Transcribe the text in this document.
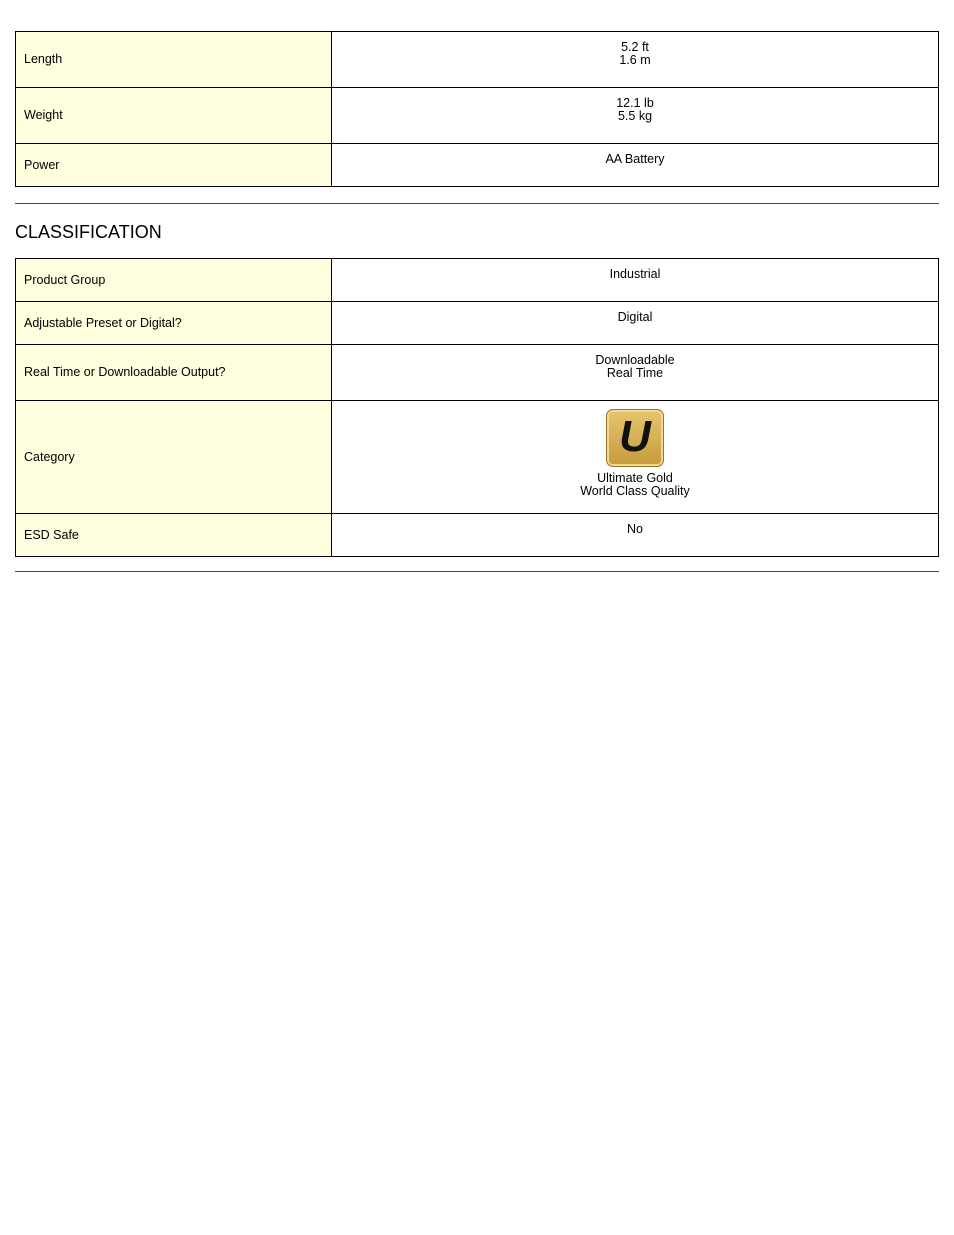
Length	5.2 ft
1.6 m

Weight	12.1 lb
5.5 kg

Power	AA Battery
CLASSIFICATION
Product Group	Industrial

Adjustable Preset or Digital?	Digital

Real Time or Downloadable Output?	Downloadable
Real Time

Category	U
Ultimate Gold
World Class Quality

ESD Safe	No
